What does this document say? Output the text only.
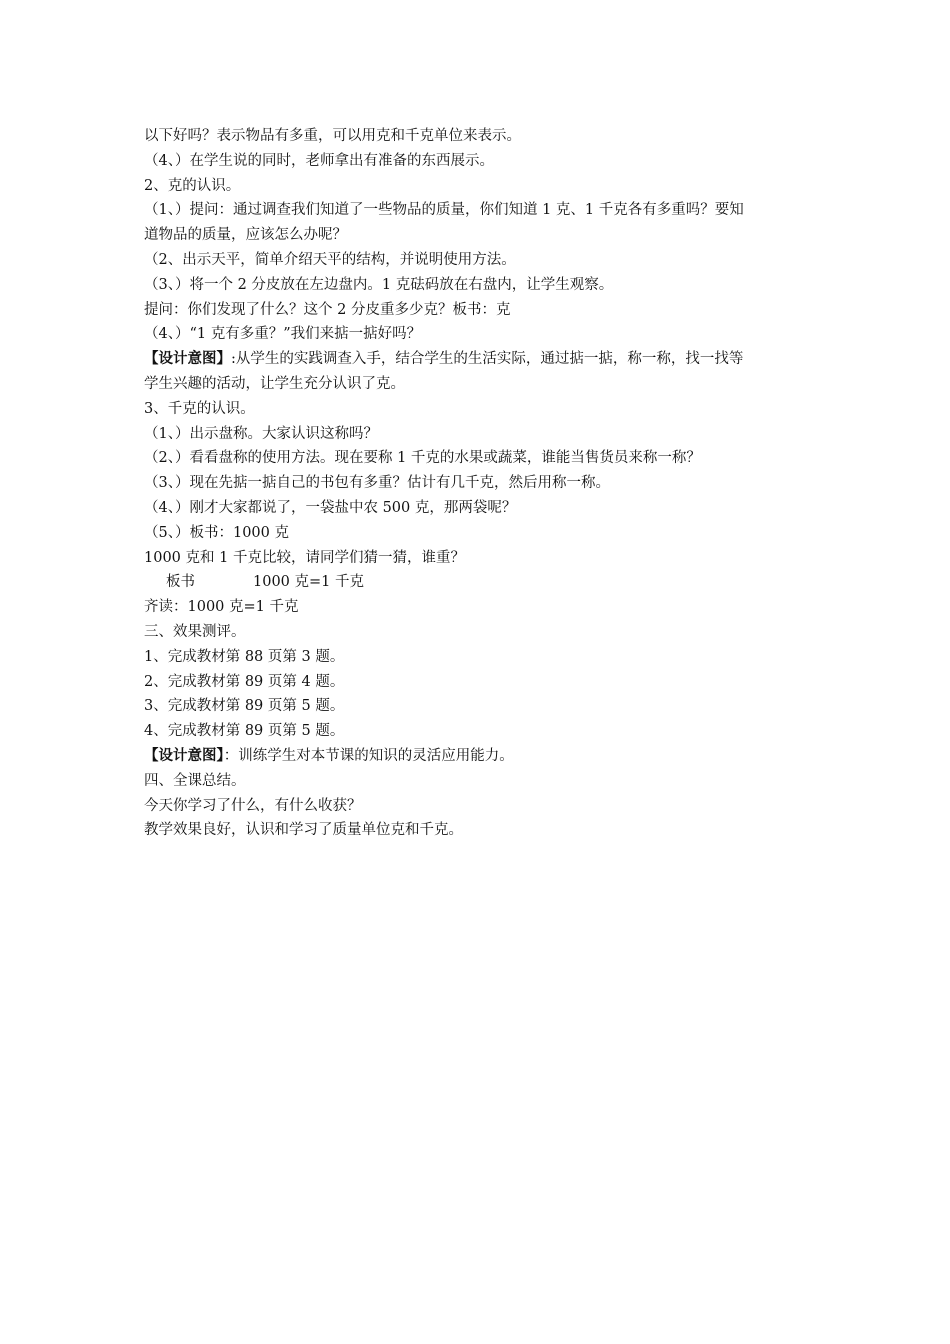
以下好吗？表示物品有多重，可以用克和千克单位来表示。
（4、）在学生说的同时，老师拿出有准备的东西展示。
2、克的认识。
（1、）提问：通过调查我们知道了一些物品的质量，你们知道 1 克、1 千克各有多重吗？要知
道物品的质量，应该怎么办呢？
（2、出示天平，简单介绍天平的结构，并说明使用方法。
（3、）将一个 2 分皮放在左边盘内。1 克砝码放在右盘内，让学生观察。
提问：你们发现了什么？这个 2 分皮重多少克？板书：克
（4、）“1 克有多重？”我们来掂一掂好吗？
【设计意图】:从学生的实践调查入手，结合学生的生活实际，通过掂一掂，称一称，找一找等
学生兴趣的活动，让学生充分认识了克。
3、千克的认识。
（1、）出示盘称。大家认识这称吗？
（2、）看看盘称的使用方法。现在要称 1 千克的水果或蔬菜，谁能当售货员来称一称？
（3、）现在先掂一掂自己的书包有多重？估计有几千克，然后用称一称。
（4、）刚才大家都说了，一袋盐中农 500 克，那两袋呢？
（5、）板书：1000 克
1000 克和 1 千克比较，请同学们猜一猜，谁重？
板书	1000 克=1 千克
齐读：1000 克=1 千克
三、效果测评。
1、完成教材第 88 页第 3 题。
2、完成教材第 89 页第 4 题。
3、完成教材第 89 页第 5 题。
4、完成教材第 89 页第 5 题。
【设计意图】：训练学生对本节课的知识的灵活应用能力。
四、全课总结。
今天你学习了什么，有什么收获？
教学效果良好，认识和学习了质量单位克和千克。
